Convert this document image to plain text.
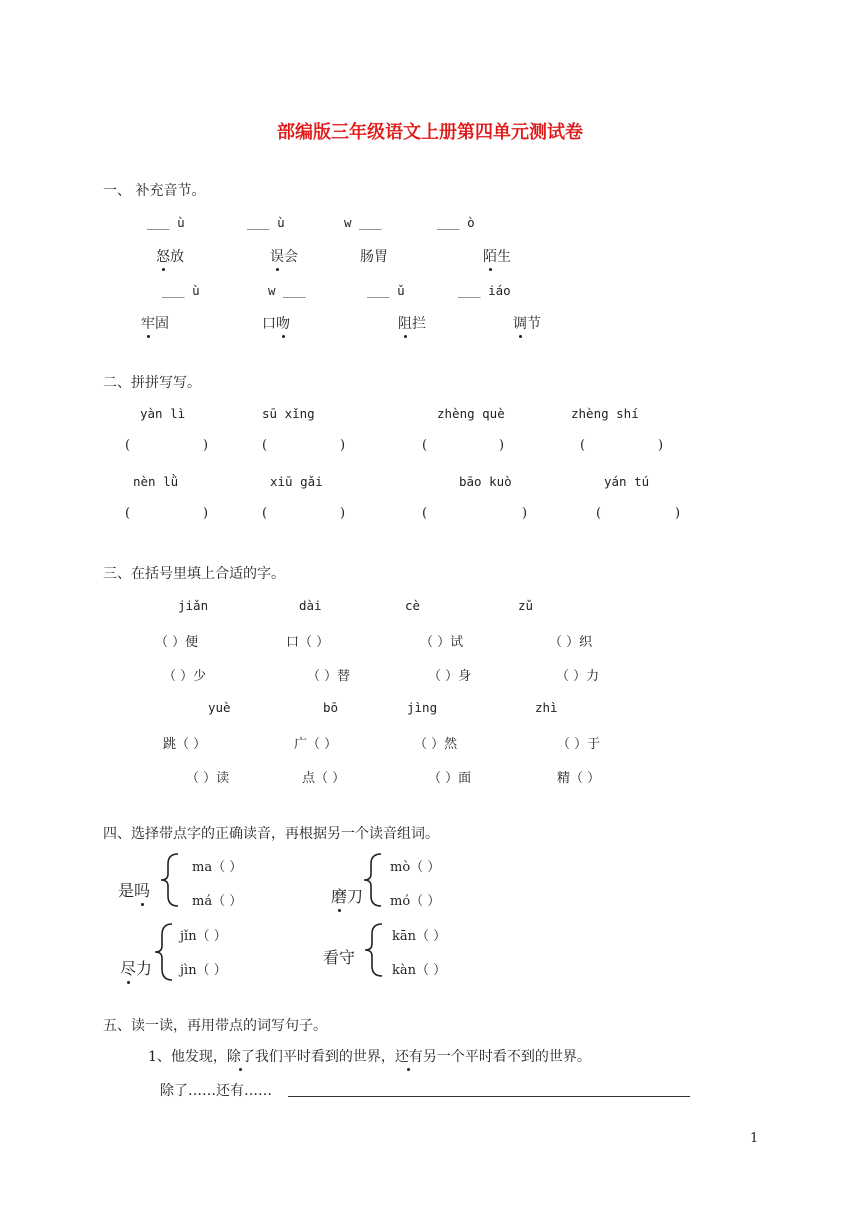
部编版三年级语文上册第四单元测试卷
一、 补充音节。
___ ù	___ ù	w ___	___ ò
怒放	误会	肠胃	陌生
___ ù	w ___	___ ǔ	___ iáo
牢固	口吻	阻拦	调节
二、拼拼写写。
yàn lì	sū xǐng	zhèng què	zhèng shí
(	)	(	)	(	)	(	)
nèn lǜ	xiū gǎi	bāo kuò	yán tú
(	)	(	)	(	)	(	)
三、在括号里填上合适的字。
jiǎn	dài	cè	zǔ
（ ）便	口（ ）	（ ）试	（ ）织
（ ）少	（ ）替	（ ）身	（ ）力
yuè	bō	jìng	zhì
跳（ ）	广（ ）	（ ）然	（ ）于
（ ）读	点（ ）	（ ）面	精（ ）
四、选择带点字的正确读音，再根据另一个读音组词。
是吗
ma（ ）
má（ ）	磨刀
mò（ ）
mó（ ）
尽力
jǐn（ ）
jìn（ ）
看守
kān（ ）
kàn（ ）
五、读一读，再用带点的词写句子。
1、他发现，除了我们平时看到的世界，还有另一个平时看不到的世界。
除了……还有……
1
